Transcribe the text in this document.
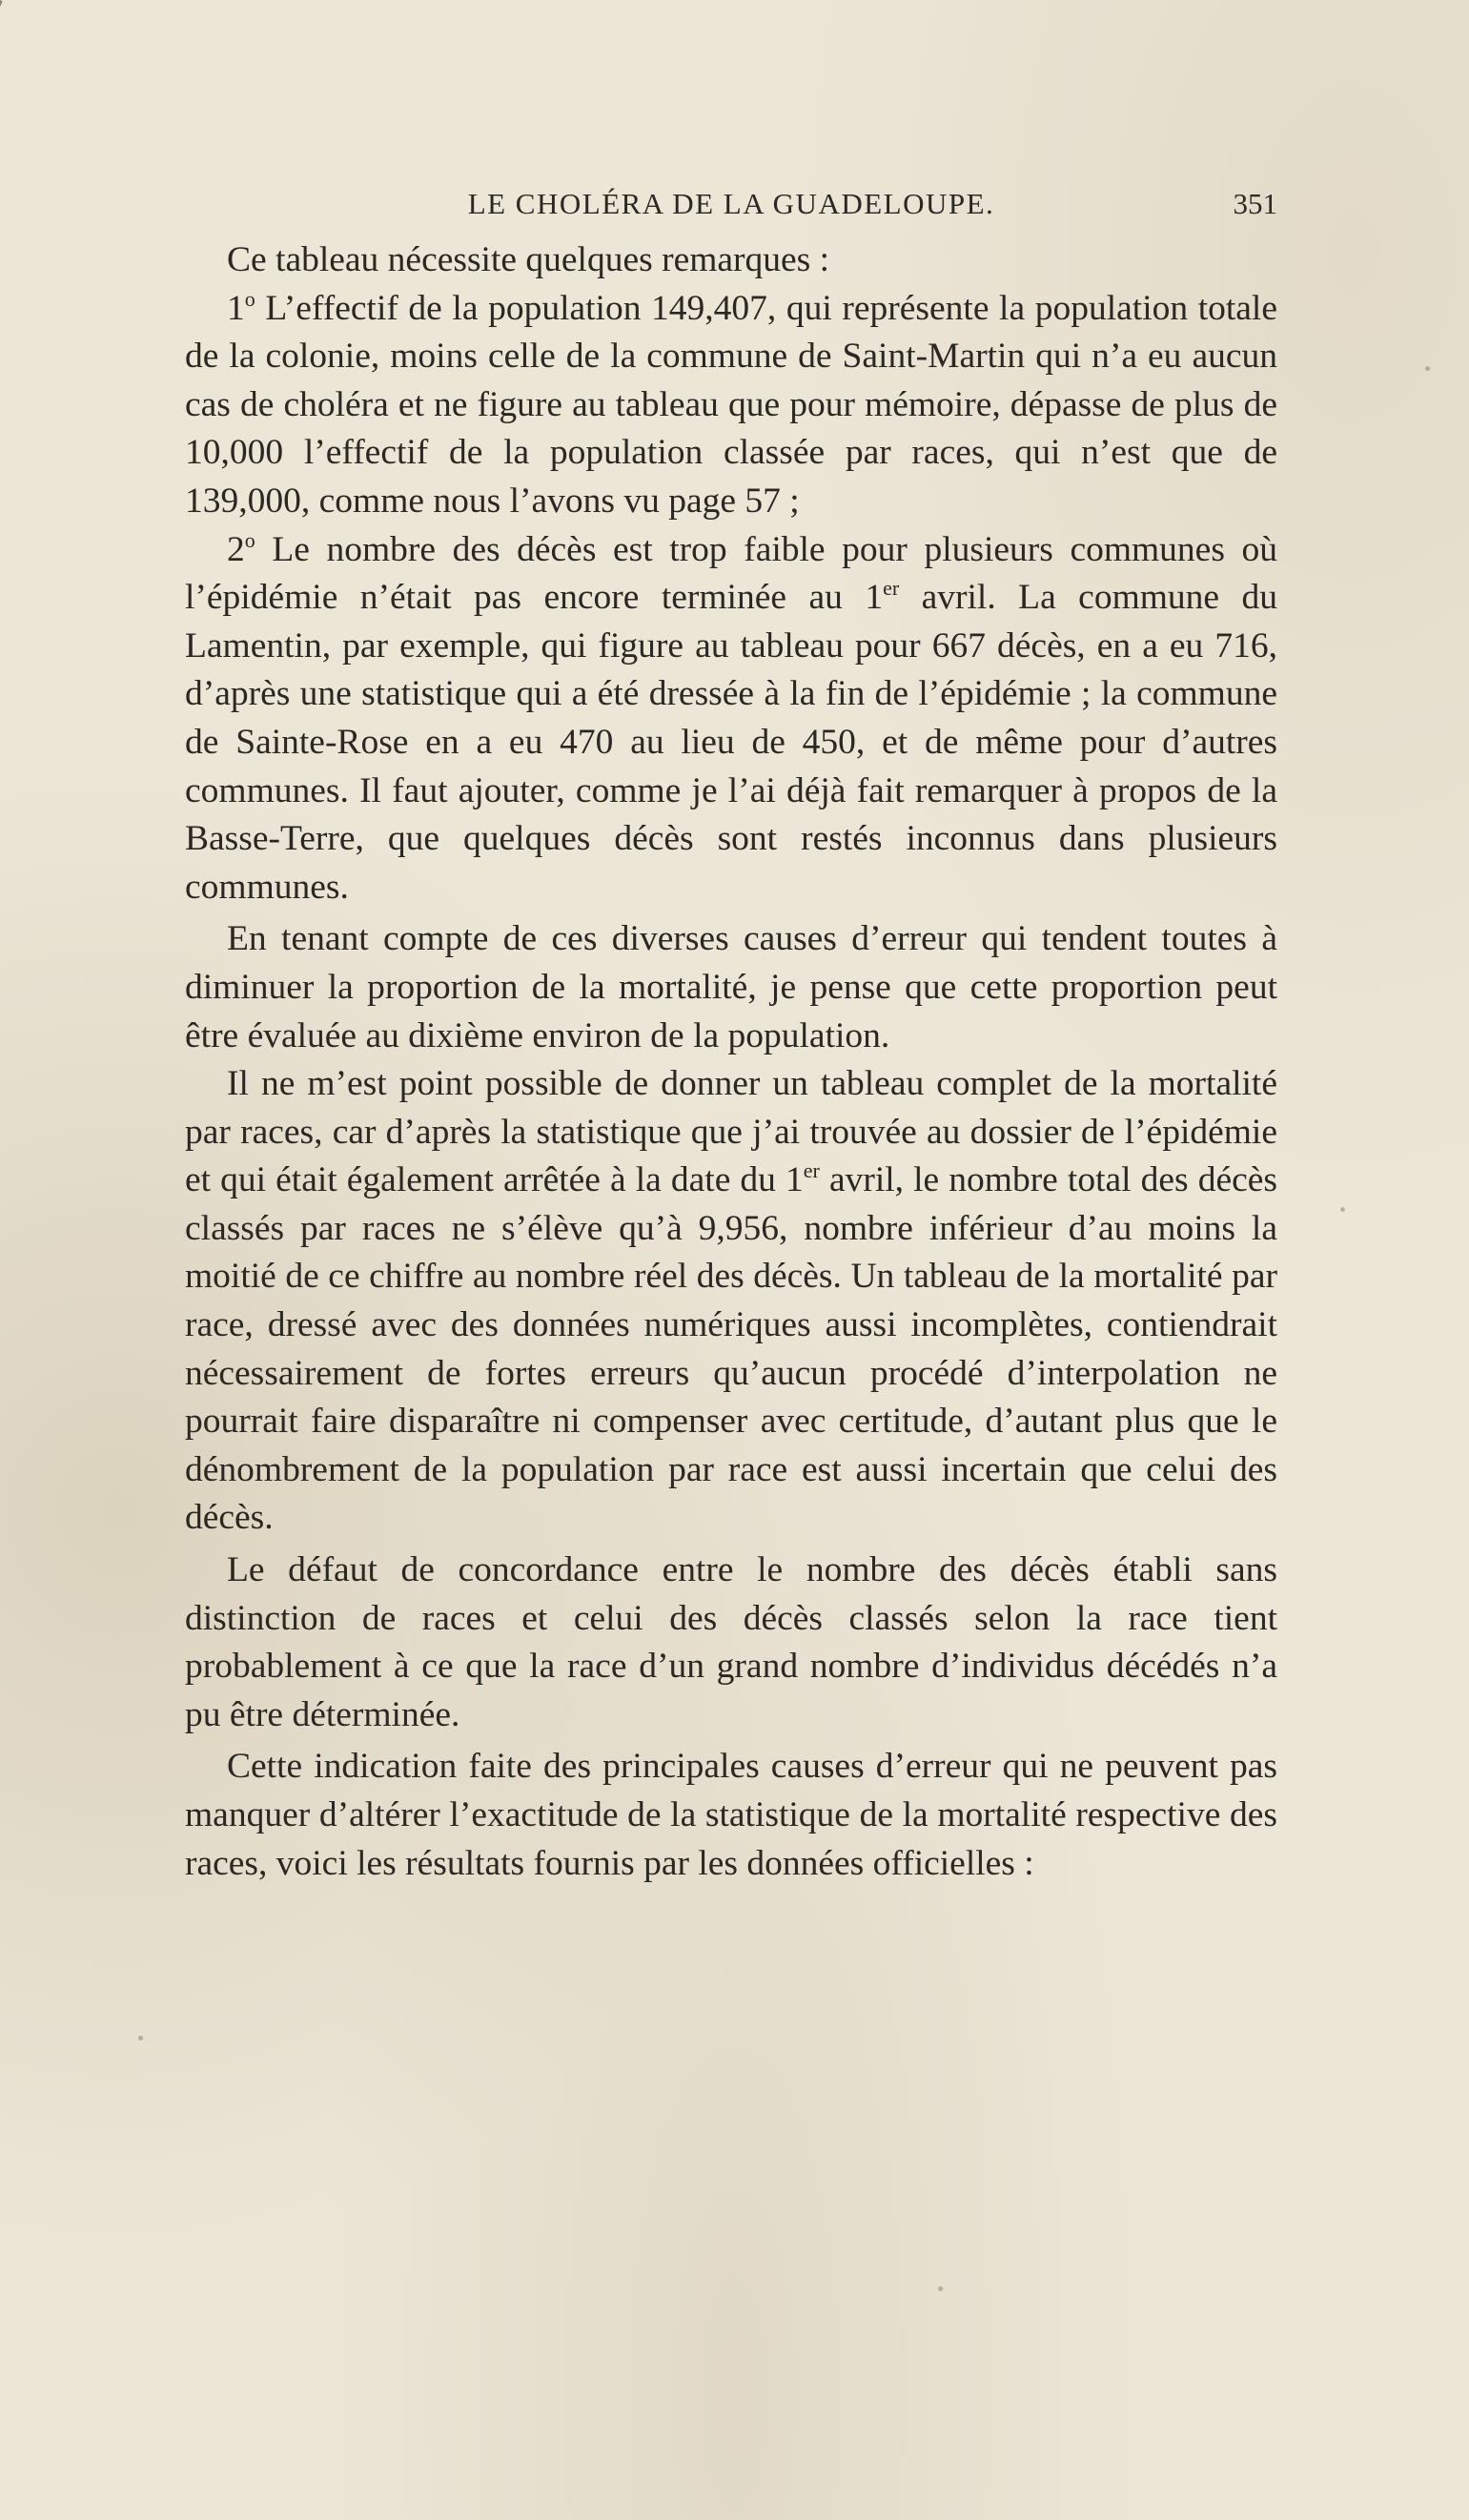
LE CHOLÉRA DE LA GUADELOUPE.	351

Ce tableau nécessite quelques remarques :

1$^o$ L’effectif de la population 149,407, qui représente la population totale de la colonie, moins celle de la commune de Saint-Martin qui n’a eu aucun cas de choléra et ne figure au tableau que pour mémoire, dépasse de plus de 10,000 l’effectif de la population classée par races, qui n’est que de 139,000, comme nous l’avons vu page 57 ;

2$^o$ Le nombre des décès est trop faible pour plusieurs communes où l’épidémie n’était pas encore terminée au 1er avril. La commune du Lamentin, par exemple, qui figure au tableau pour 667 décès, en a eu 716, d’après une statistique qui a été dressée à la fin de l’épidémie ; la commune de Sainte-Rose en a eu 470 au lieu de 450, et de même pour d’autres communes. Il faut ajouter, comme je l’ai déjà fait remarquer à propos de la Basse-Terre, que quelques décès sont restés inconnus dans plusieurs communes.

En tenant compte de ces diverses causes d’erreur qui tendent toutes à diminuer la proportion de la mortalité, je pense que cette proportion peut être évaluée au dixième environ de la population.

Il ne m’est point possible de donner un tableau complet de la mortalité par races, car d’après la statistique que j’ai trouvée au dossier de l’épidémie et qui était également arrêtée à la date du 1er avril, le nombre total des décès classés par races ne s’élève qu’à 9,956, nombre inférieur d’au moins la moitié de ce chiffre au nombre réel des décès. Un tableau de la mortalité par race, dressé avec des données numériques aussi incomplètes, contiendrait nécessairement de fortes erreurs qu’aucun procédé d’interpolation ne pourrait faire disparaître ni compenser avec certitude, d’autant plus que le dénombrement de la population par race est aussi incertain que celui des décès.

Le défaut de concordance entre le nombre des décès établi sans distinction de races et celui des décès classés selon la race tient probablement à ce que la race d’un grand nombre d’individus décédés n’a pu être déterminée.

Cette indication faite des principales causes d’erreur qui ne peuvent pas manquer d’altérer l’exactitude de la statistique de la mortalité respective des races, voici les résultats fournis par les données officielles :
